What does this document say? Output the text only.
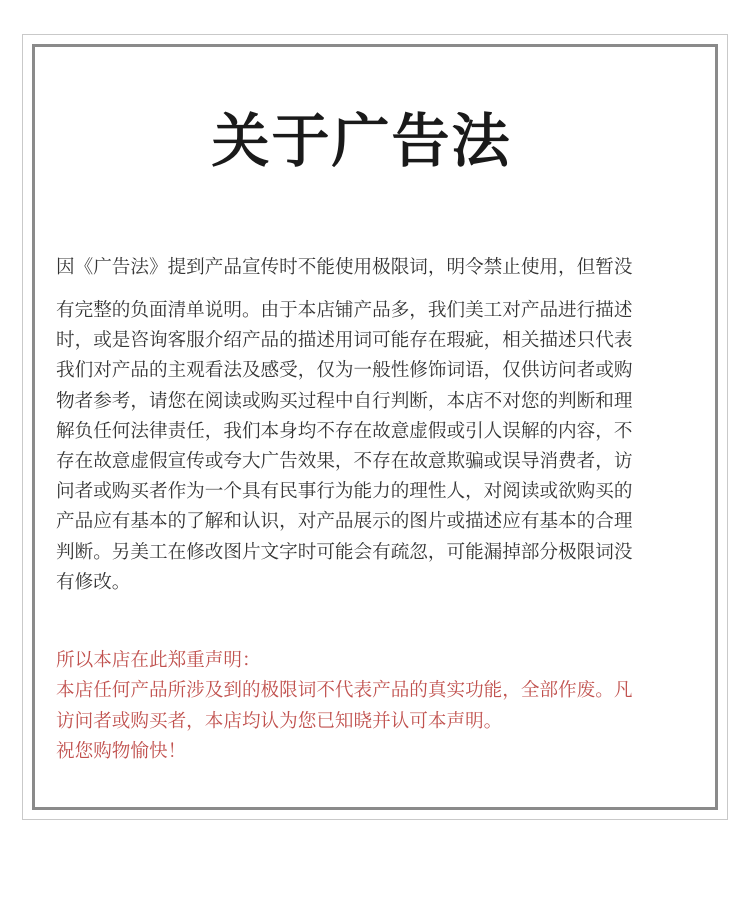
关于广告法
因《广告法》提到产品宣传时不能使用极限词，明令禁止使用，但暂没
有完整的负面清单说明。由于本店铺产品多，我们美工对产品进行描述
时，或是咨询客服介绍产品的描述用词可能存在瑕疵，相关描述只代表
我们对产品的主观看法及感受，仅为一般性修饰词语，仅供访问者或购
物者参考，请您在阅读或购买过程中自行判断，本店不对您的判断和理
解负任何法律责任，我们本身均不存在故意虚假或引人误解的内容，不
存在故意虚假宣传或夸大广告效果，不存在故意欺骗或误导消费者，访
问者或购买者作为一个具有民事行为能力的理性人，对阅读或欲购买的
产品应有基本的了解和认识，对产品展示的图片或描述应有基本的合理
判断。另美工在修改图片文字时可能会有疏忽，可能漏掉部分极限词没
有修改。
所以本店在此郑重声明：
本店任何产品所涉及到的极限词不代表产品的真实功能，全部作废。凡
访问者或购买者，本店均认为您已知晓并认可本声明。
祝您购物愉快！
